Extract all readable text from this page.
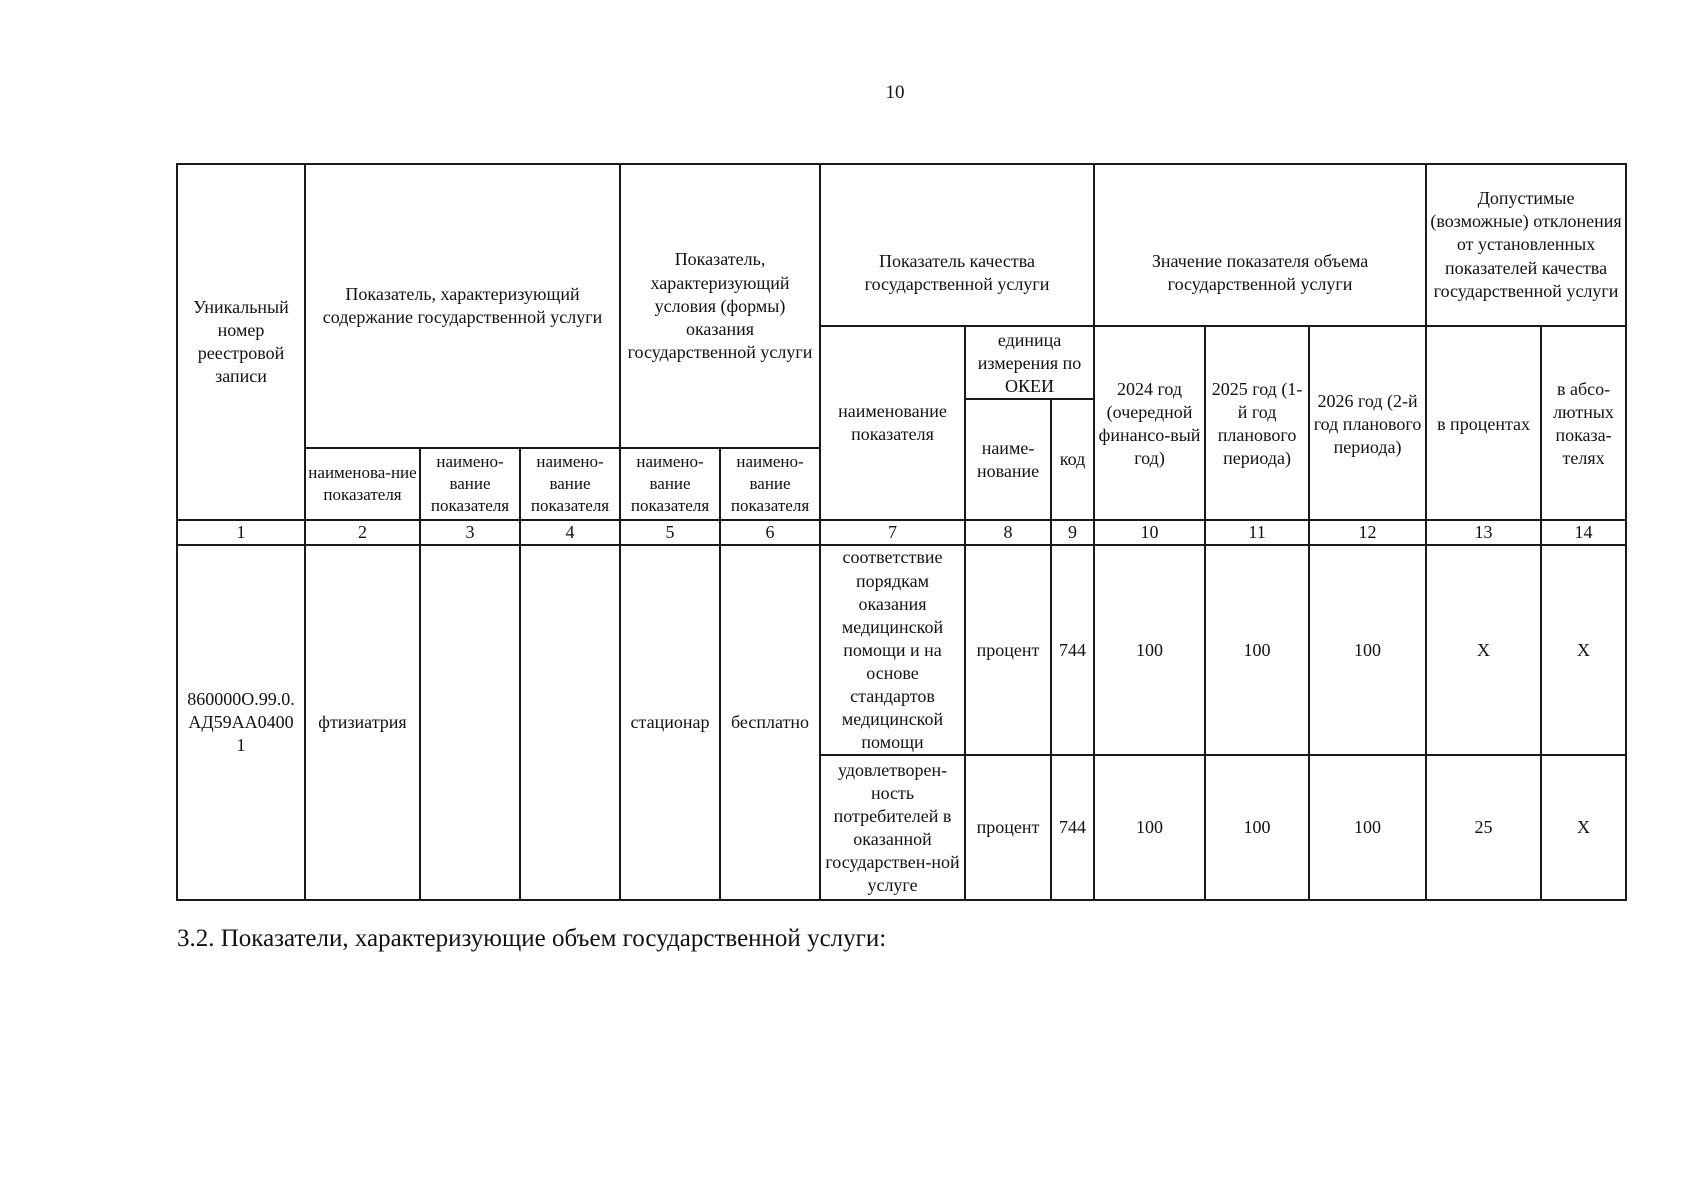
10
Уникальный номер реестровой записи	Показатель, характеризующий содержание государственной услуги			Показатель, характеризующий условия (формы) оказания государственной услуги		Показатель качества государственной услуги			Значение показателя объема государственной услуги			Допустимые (возможные) отклонения от установленных показателей качества государственной услуги	
						наименование показателя	единица измерения по ОКЕИ		2024 год (очередной финансо-вый год)	2025 год (1-й год планового периода)	2026 год (2-й год планового периода)	в процентах	в абсо-лютных показа-телях
							наиме-нование	код					
	наименова-ние показателя	наимено-вание показателя	наимено-вание показателя	наимено-вание показателя	наимено-вание показателя								
1	2	3	4	5	6	7	8	9	10	11	12	13	14
860000О.99.0.АД59АА04001	фтизиатрия			стационар	бесплатно	соответствие порядкам оказания медицинской помощи и на основе стандартов медицинской помощи	процент	744	100	100	100	X	X
						удовлетворен-ность потребителей в оказанной государствен-ной услуге	процент	744	100	100	100	25	X
3.2. Показатели, характеризующие объем государственной услуги:
